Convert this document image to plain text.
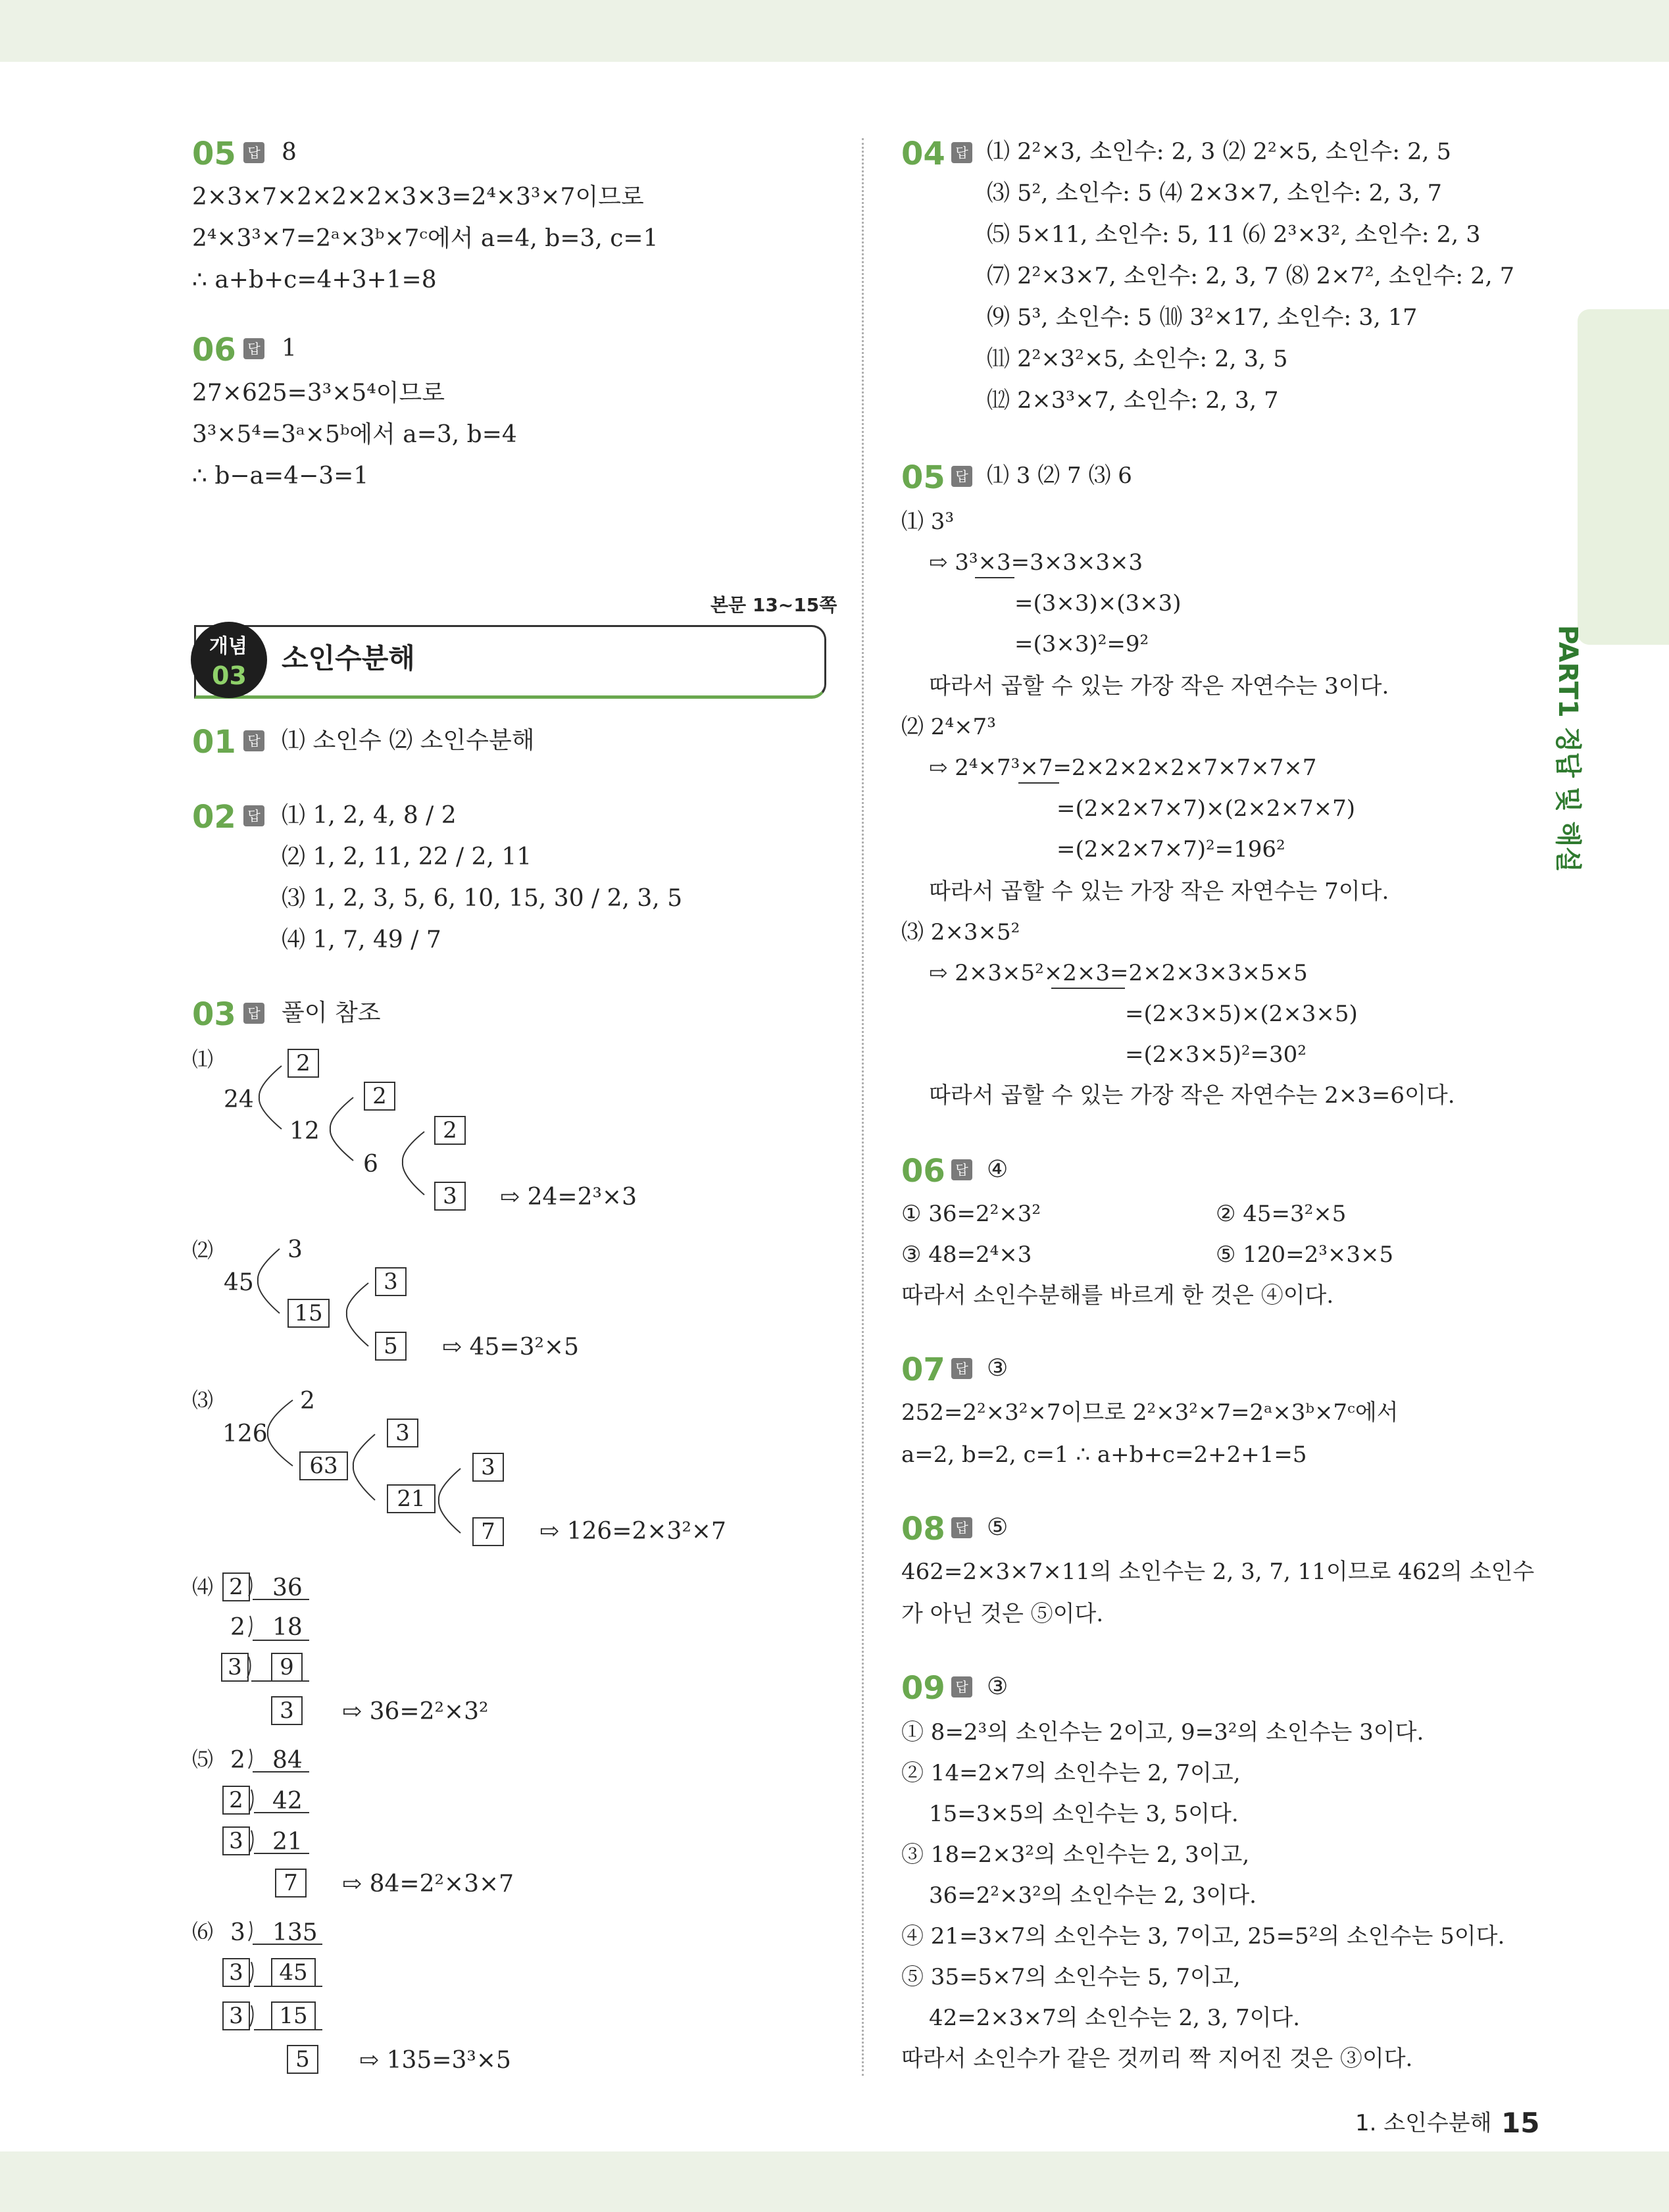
PART1 정답 및 해설
05 답 8
2×3×7×2×2×2×3×3=2⁴×3³×7이므로
2⁴×3³×7=2ᵃ×3ᵇ×7ᶜ에서 a=4, b=3, c=1
∴ a+b+c=4+3+1=8
06 답 1
27×625=3³×5⁴이므로
3³×5⁴=3ᵃ×5ᵇ에서 a=3, b=4
∴ b−a=4−3=1
본문 13~15쪽
개념
03
소인수분해
01 답 ⑴ 소인수 ⑵ 소인수분해
02 답 ⑴ 1, 2, 4, 8 / 2
⑵ 1, 2, 11, 22 / 2, 11
⑶ 1, 2, 3, 5, 6, 10, 15, 30 / 2, 3, 5
⑷ 1, 7, 49 / 7
03 답 풀이 참조
⑴
24
2
12
2
6
2
3	⇨ 24=2³×3
⑵
45
3
15
3
5	⇨ 45=3²×5
⑶
126
2
63
3
21
3
7	⇨ 126=2×3²×7
⑷ 2 36
2 18
3	9
3	⇨ 36=2²×3²
⑸ 2 84
2 42
3 21
7	⇨ 84=2²×3×7
⑹ 3 135
3	45
3	15
5	⇨ 135=3³×5
04 답 ⑴ 2²×3, 소인수: 2, 3 ⑵ 2²×5, 소인수: 2, 5
⑶ 5², 소인수: 5 ⑷ 2×3×7, 소인수: 2, 3, 7
⑸ 5×11, 소인수: 5, 11 ⑹ 2³×3², 소인수: 2, 3
⑺ 2²×3×7, 소인수: 2, 3, 7 ⑻ 2×7², 소인수: 2, 7
⑼ 5³, 소인수: 5 ⑽ 3²×17, 소인수: 3, 17
⑾ 2²×3²×5, 소인수: 2, 3, 5
⑿ 2×3³×7, 소인수: 2, 3, 7
05 답 ⑴ 3 ⑵ 7 ⑶ 6
⑴ 3³
⇨ 3³×3=3×3×3×3
=(3×3)×(3×3)
=(3×3)²=9²
따라서 곱할 수 있는 가장 작은 자연수는 3이다.
⑵ 2⁴×7³
⇨ 2⁴×7³×7=2×2×2×2×7×7×7×7
=(2×2×7×7)×(2×2×7×7)
=(2×2×7×7)²=196²
따라서 곱할 수 있는 가장 작은 자연수는 7이다.
⑶ 2×3×5²
⇨ 2×3×5²×2×3=2×2×3×3×5×5
=(2×3×5)×(2×3×5)
=(2×3×5)²=30²
따라서 곱할 수 있는 가장 작은 자연수는 2×3=6이다.
06 답 ④
① 36=2²×3²	② 45=3²×5
③ 48=2⁴×3	⑤ 120=2³×3×5
따라서 소인수분해를 바르게 한 것은 ④이다.
07 답 ③
252=2²×3²×7이므로 2²×3²×7=2ᵃ×3ᵇ×7ᶜ에서
a=2, b=2, c=1 ∴ a+b+c=2+2+1=5
08 답 ⑤
462=2×3×7×11의 소인수는 2, 3, 7, 11이므로 462의 소인수
가 아닌 것은 ⑤이다.
09 답 ③
① 8=2³의 소인수는 2이고, 9=3²의 소인수는 3이다.
② 14=2×7의 소인수는 2, 7이고,
15=3×5의 소인수는 3, 5이다.
③ 18=2×3²의 소인수는 2, 3이고,
36=2²×3²의 소인수는 2, 3이다.
④ 21=3×7의 소인수는 3, 7이고, 25=5²의 소인수는 5이다.
⑤ 35=5×7의 소인수는 5, 7이고,
42=2×3×7의 소인수는 2, 3, 7이다.
따라서 소인수가 같은 것끼리 짝 지어진 것은 ③이다.
1. 소인수분해 15
